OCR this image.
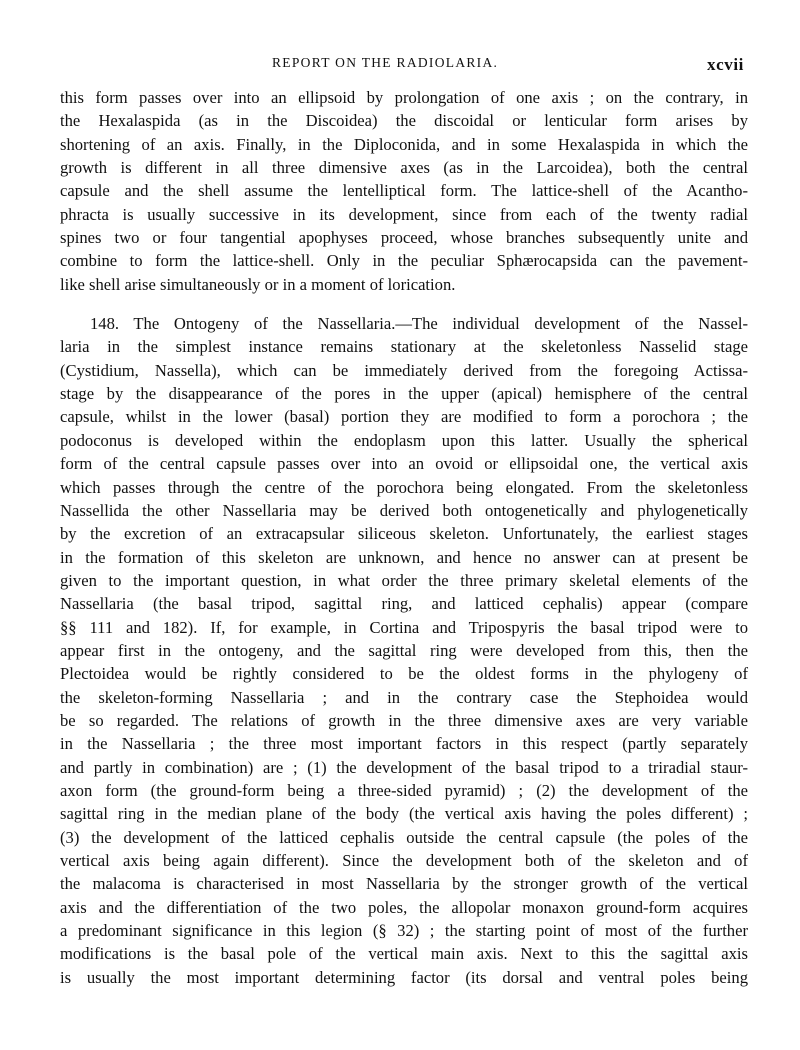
REPORT ON THE RADIOLARIA.	xcvii

this form passes over into an ellipsoid by prolongation of one axis ; on the contrary, in
the Hexalaspida (as in the Discoidea) the discoidal or lenticular form arises by
shortening of an axis. Finally, in the Diploconida, and in some Hexalaspida in which the
growth is different in all three dimensive axes (as in the Larcoidea), both the central
capsule and the shell assume the lentelliptical form. The lattice-shell of the Acantho-
phracta is usually successive in its development, since from each of the twenty radial
spines two or four tangential apophyses proceed, whose branches subsequently unite and
combine to form the lattice-shell. Only in the peculiar Sphærocapsida can the pavement-
like shell arise simultaneously or in a moment of lorication.

148. The Ontogeny of the Nassellaria.—The individual development of the Nassel-
laria in the simplest instance remains stationary at the skeletonless Nasselid stage
(Cystidium, Nassella), which can be immediately derived from the foregoing Actissa-
stage by the disappearance of the pores in the upper (apical) hemisphere of the central
capsule, whilst in the lower (basal) portion they are modified to form a porochora ; the
podoconus is developed within the endoplasm upon this latter. Usually the spherical
form of the central capsule passes over into an ovoid or ellipsoidal one, the vertical axis
which passes through the centre of the porochora being elongated. From the skeletonless
Nassellida the other Nassellaria may be derived both ontogenetically and phylogenetically
by the excretion of an extracapsular siliceous skeleton. Unfortunately, the earliest stages
in the formation of this skeleton are unknown, and hence no answer can at present be
given to the important question, in what order the three primary skeletal elements of the
Nassellaria (the basal tripod, sagittal ring, and latticed cephalis) appear (compare
§§ 111 and 182). If, for example, in Cortina and Tripospyris the basal tripod were to
appear first in the ontogeny, and the sagittal ring were developed from this, then the
Plectoidea would be rightly considered to be the oldest forms in the phylogeny of
the skeleton-forming Nassellaria ; and in the contrary case the Stephoidea would
be so regarded. The relations of growth in the three dimensive axes are very variable
in the Nassellaria ; the three most important factors in this respect (partly separately
and partly in combination) are ; (1) the development of the basal tripod to a triradial staur-
axon form (the ground-form being a three-sided pyramid) ; (2) the development of the
sagittal ring in the median plane of the body (the vertical axis having the poles different) ;
(3) the development of the latticed cephalis outside the central capsule (the poles of the
vertical axis being again different). Since the development both of the skeleton and of
the malacoma is characterised in most Nassellaria by the stronger growth of the vertical
axis and the differentiation of the two poles, the allopolar monaxon ground-form acquires
a predominant significance in this legion (§ 32) ; the starting point of most of the further
modifications is the basal pole of the vertical main axis. Next to this the sagittal axis
is usually the most important determining factor (its dorsal and ventral poles being
